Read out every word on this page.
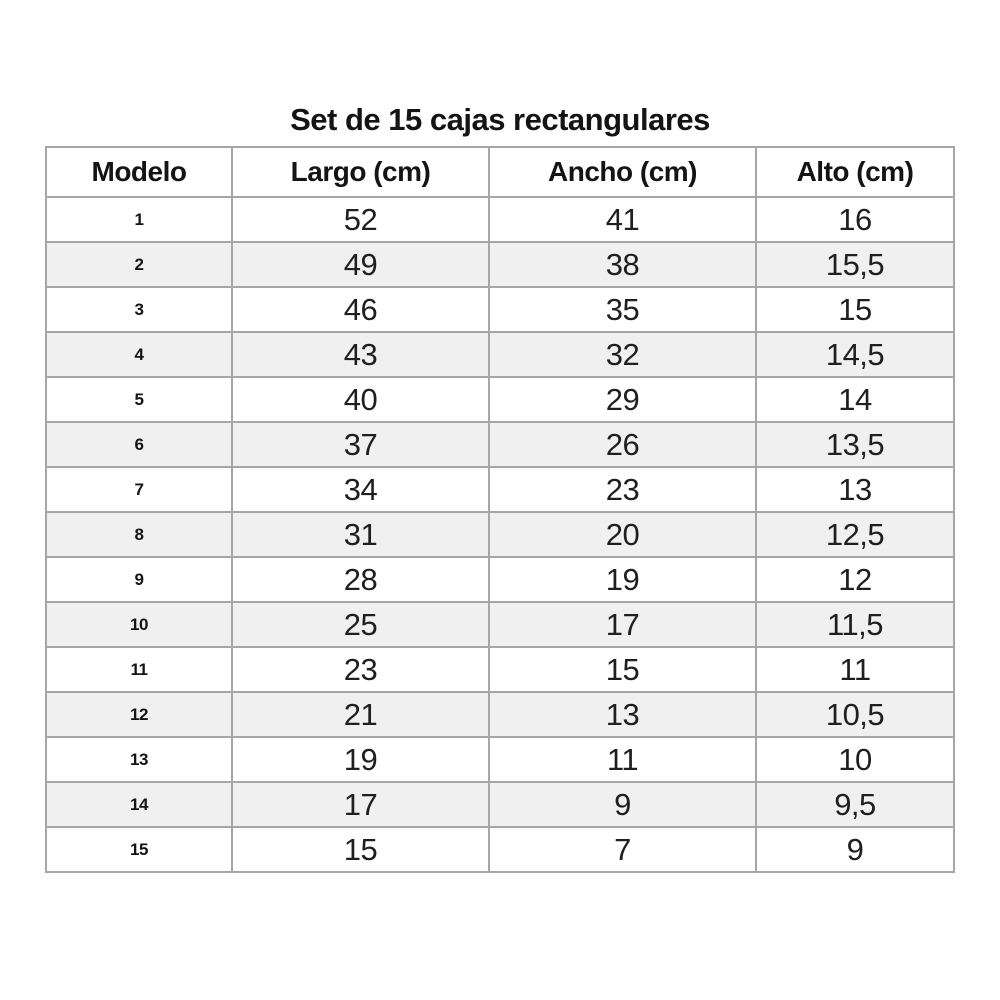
Set de 15 cajas rectangulares
Modelo	Largo (cm)	Ancho (cm)	Alto (cm)
1	52	41	16
2	49	38	15,5
3	46	35	15
4	43	32	14,5
5	40	29	14
6	37	26	13,5
7	34	23	13
8	31	20	12,5
9	28	19	12
10	25	17	11,5
11	23	15	11
12	21	13	10,5
13	19	11	10
14	17	9	9,5
15	15	7	9
